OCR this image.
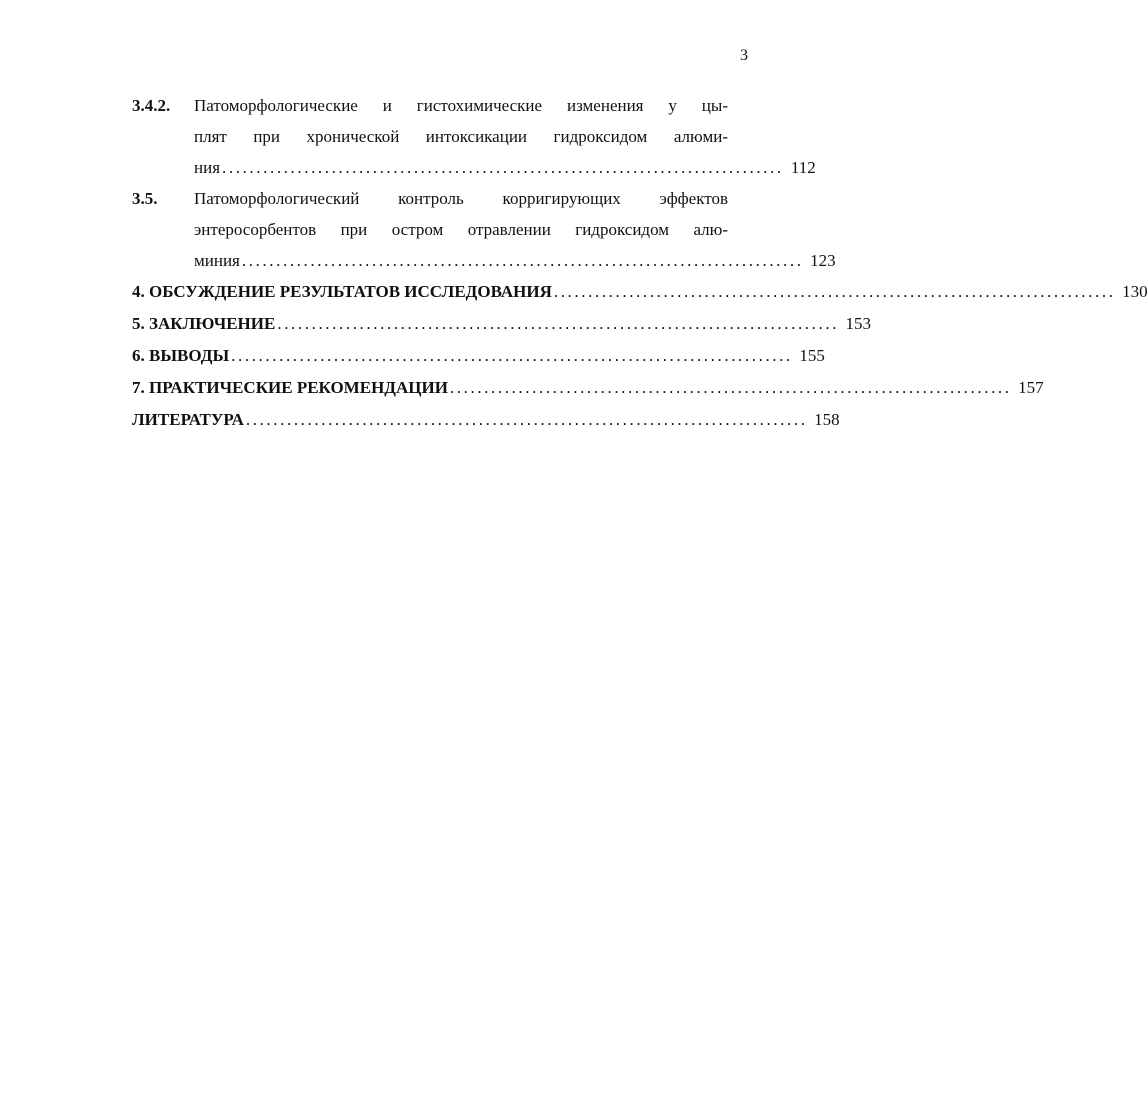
3
3.4.2. Патоморфологические и гистохимические изменения у цы-
плят при хронической интоксикации гидроксидом алюми-
ния .................................................................................. 112
3.5. Патоморфологический контроль корригирующих эффектов
энтеросорбентов при остром отравлении гидроксидом алю-
миния .................................................................................. 123
4. ОБСУЖДЕНИЕ РЕЗУЛЬТАТОВ ИССЛЕДОВАНИЯ .................................................................................. 130
5. ЗАКЛЮЧЕНИЕ .................................................................................. 153
6. ВЫВОДЫ .................................................................................. 155
7. ПРАКТИЧЕСКИЕ РЕКОМЕНДАЦИИ .................................................................................. 157
ЛИТЕРАТУРА .................................................................................. 158
